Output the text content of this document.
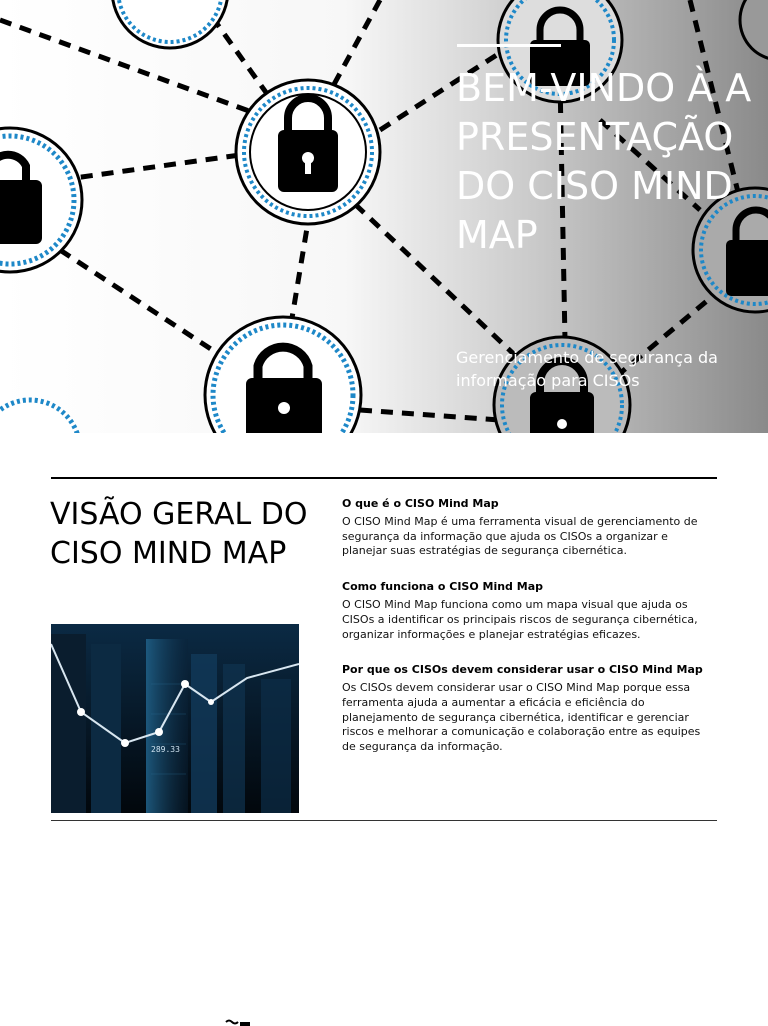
BEM-VINDO À APRESENTAÇÃO DO CISO MIND MAP

Gerenciamento de segurança da informação para CISOs

VISÃO GERAL DO CISO MIND MAP
289.33
O que é o CISO Mind Map

O CISO Mind Map é uma ferramenta visual de gerenciamento de segurança da informação que ajuda os CISOs a organizar e planejar suas estratégias de segurança cibernética.

Como funciona o CISO Mind Map

O CISO Mind Map funciona como um mapa visual que ajuda os CISOs a identificar os principais riscos de segurança cibernética, organizar informações e planejar estratégias eficazes.

Por que os CISOs devem considerar usar o CISO Mind Map

Os CISOs devem considerar usar o CISO Mind Map porque essa ferramenta ajuda a aumentar a eficácia e eficiência do planejamento de segurança cibernética, identificar e gerenciar riscos e melhorar a comunicação e colaboração entre as equipes de segurança da informação.
